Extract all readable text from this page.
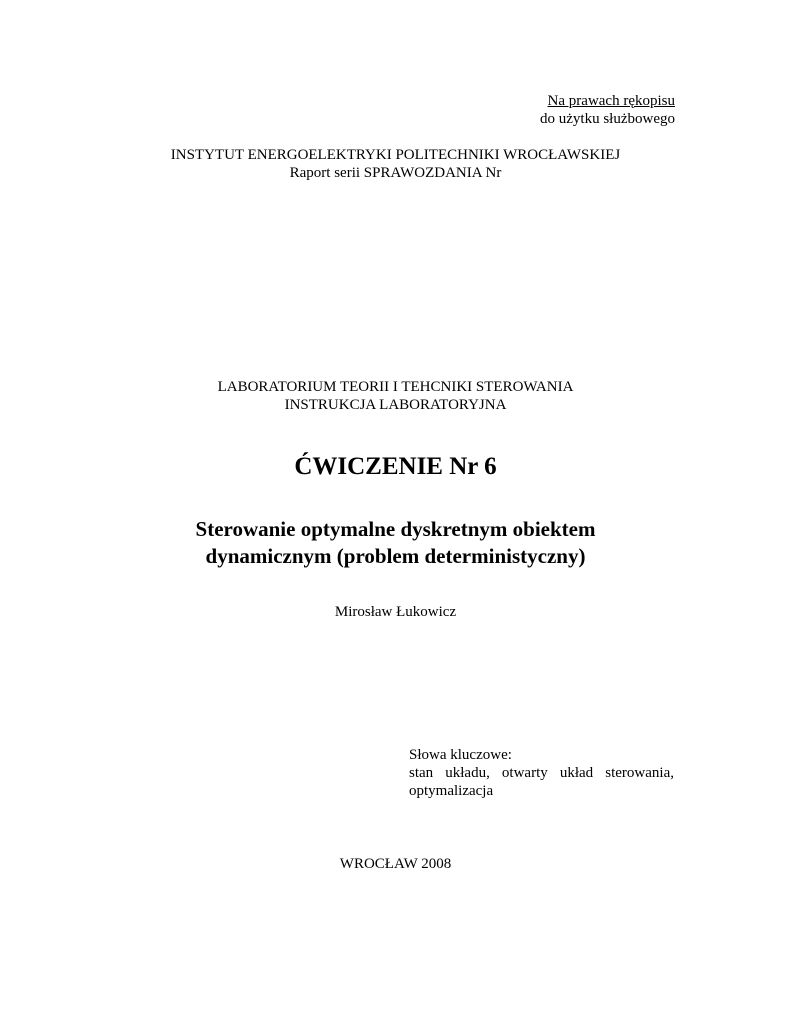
Na prawach rękopisu
do użytku służbowego
INSTYTUT ENERGOELEKTRYKI POLITECHNIKI WROCŁAWSKIEJ
Raport serii SPRAWOZDANIA Nr
LABORATORIUM TEORII I TEHCNIKI STEROWANIA
INSTRUKCJA LABORATORYJNA
ĆWICZENIE Nr 6
Sterowanie optymalne dyskretnym obiektem
dynamicznym (problem deterministyczny)
Mirosław Łukowicz
Słowa kluczowe:
stan układu, otwarty układ sterowania, optymalizacja
WROCŁAW 2008
